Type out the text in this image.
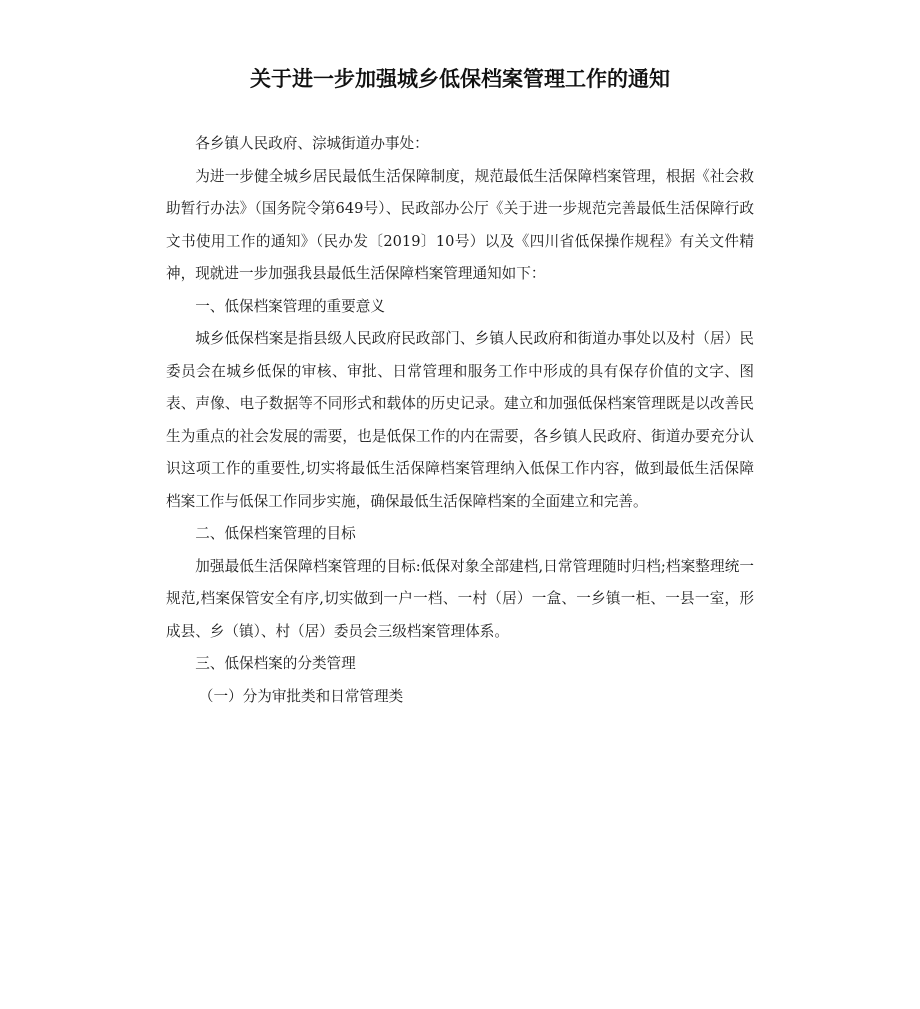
关于进一步加强城乡低保档案管理工作的通知

各乡镇人民政府、淙城街道办事处：

为进一步健全城乡居民最低生活保障制度，规范最低生活保障档案管理，根据《社会救助暂行办法》（国务院令第649号）、民政部办公厅《关于进一步规范完善最低生活保障行政文书使用工作的通知》（民办发〔2019〕10号）以及《四川省低保操作规程》有关文件精神，现就进一步加强我县最低生活保障档案管理通知如下：

一、低保档案管理的重要意义

城乡低保档案是指县级人民政府民政部门、乡镇人民政府和街道办事处以及村（居）民委员会在城乡低保的审核、审批、日常管理和服务工作中形成的具有保存价值的文字、图表、声像、电子数据等不同形式和载体的历史记录。建立和加强低保档案管理既是以改善民生为重点的社会发展的需要，也是低保工作的内在需要，各乡镇人民政府、街道办要充分认识这项工作的重要性,切实将最低生活保障档案管理纳入低保工作内容，做到最低生活保障档案工作与低保工作同步实施，确保最低生活保障档案的全面建立和完善。

二、低保档案管理的目标

加强最低生活保障档案管理的目标:低保对象全部建档,日常管理随时归档;档案整理统一规范,档案保管安全有序,切实做到一户一档、一村（居）一盒、一乡镇一柜、一县一室，形成县、乡（镇）、村（居）委员会三级档案管理体系。

三、低保档案的分类管理

（一）分为审批类和日常管理类
